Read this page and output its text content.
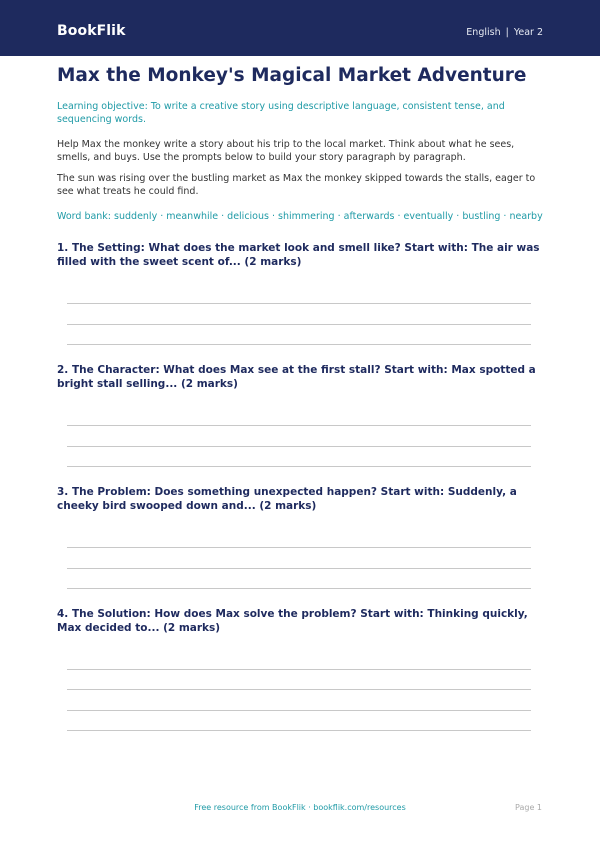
BookFlik	English | Year 2
Max the Monkey's Magical Market Adventure
Learning objective: To write a creative story using descriptive language, consistent tense, and sequencing words.
Help Max the monkey write a story about his trip to the local market. Think about what he sees, smells, and buys. Use the prompts below to build your story paragraph by paragraph.
The sun was rising over the bustling market as Max the monkey skipped towards the stalls, eager to see what treats he could find.
Word bank: suddenly · meanwhile · delicious · shimmering · afterwards · eventually · bustling · nearby
1. The Setting: What does the market look and smell like? Start with: The air was filled with the sweet scent of... (2 marks)
2. The Character: What does Max see at the first stall? Start with: Max spotted a bright stall selling... (2 marks)
3. The Problem: Does something unexpected happen? Start with: Suddenly, a cheeky bird swooped down and... (2 marks)
4. The Solution: How does Max solve the problem? Start with: Thinking quickly, Max decided to... (2 marks)
Free resource from BookFlik · bookflik.com/resources	Page 1
